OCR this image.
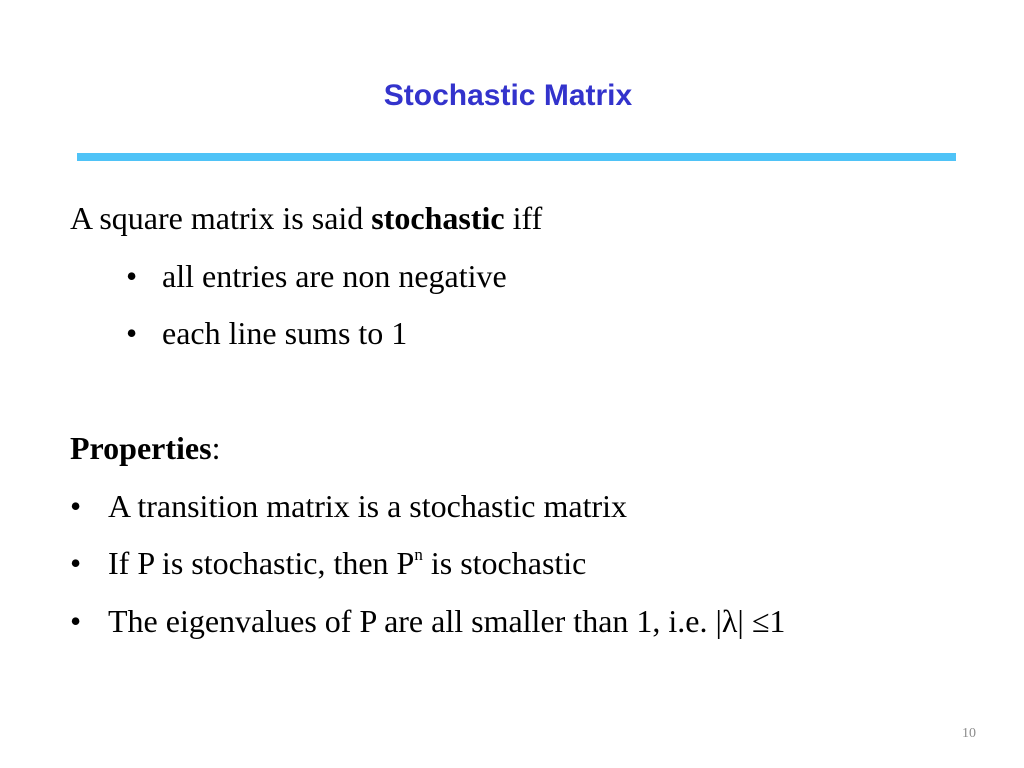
Stochastic Matrix
A square matrix is said stochastic iff
• all entries are non negative
• each line sums to 1
Properties:
• A transition matrix is a stochastic matrix
• If P is stochastic, then $P^n$ is stochastic
• The eigenvalues of P are all smaller than 1, i.e. |λ| ≤1
10
